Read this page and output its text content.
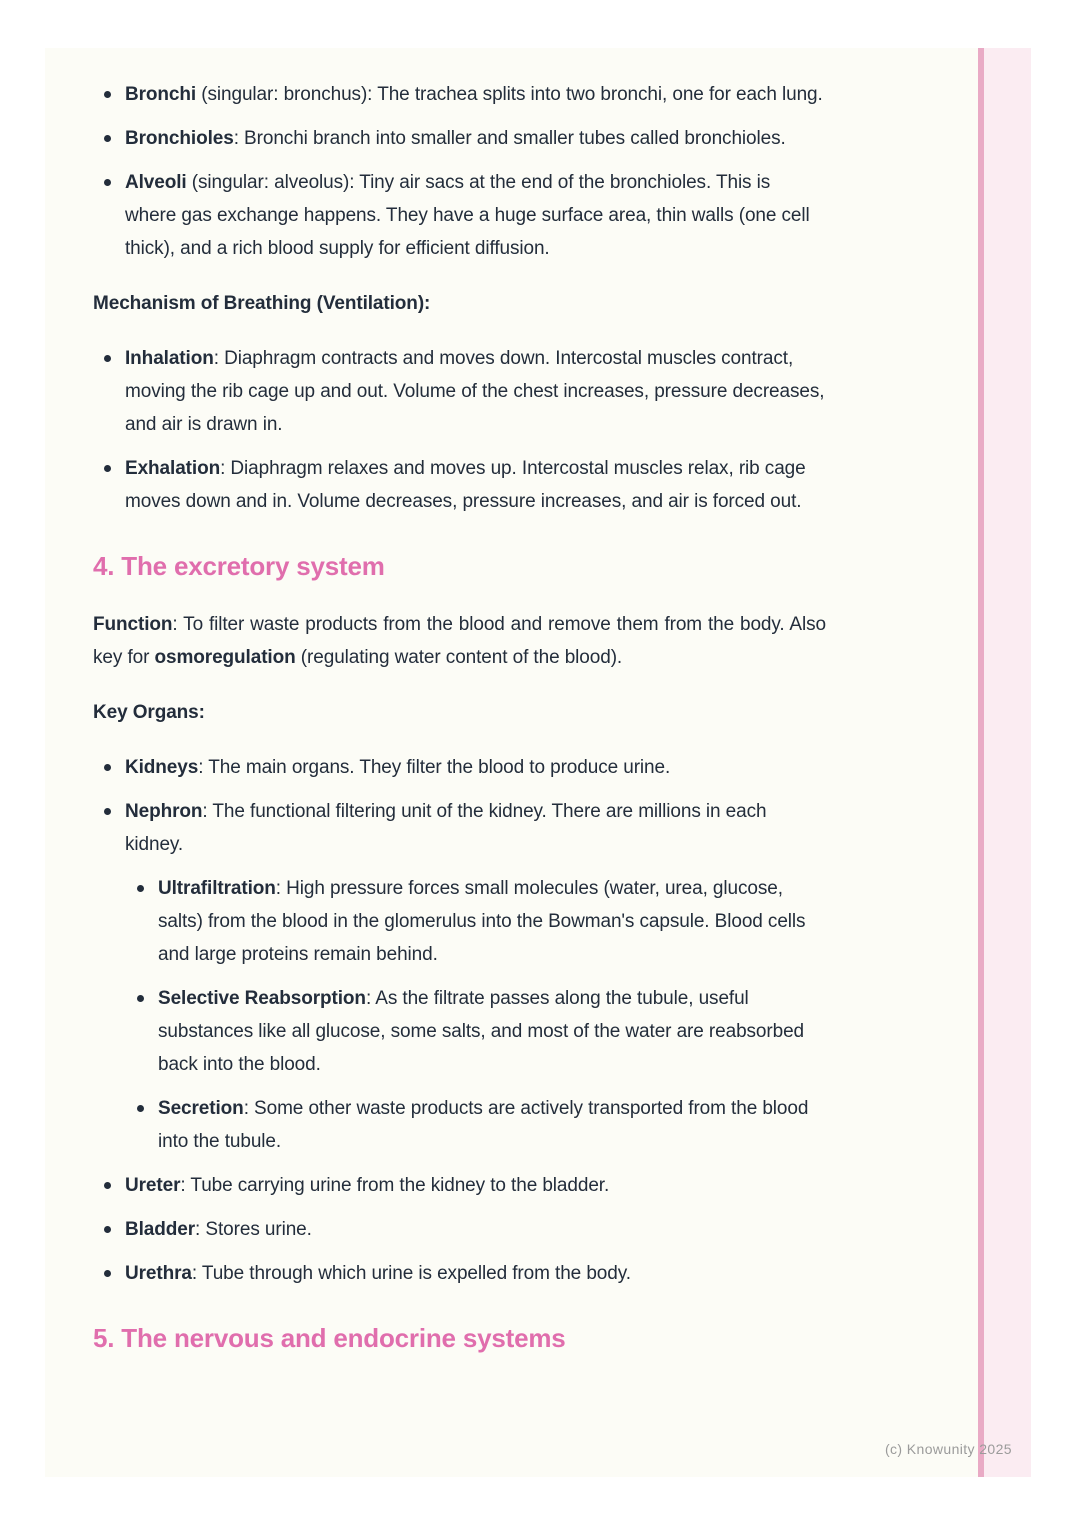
Bronchi (singular: bronchus): The trachea splits into two bronchi, one for each lung.
Bronchioles: Bronchi branch into smaller and smaller tubes called bronchioles.
Alveoli (singular: alveolus): Tiny air sacs at the end of the bronchioles. This is where gas exchange happens. They have a huge surface area, thin walls (one cell thick), and a rich blood supply for efficient diffusion.

Mechanism of Breathing (Ventilation):

Inhalation: Diaphragm contracts and moves down. Intercostal muscles contract, moving the rib cage up and out. Volume of the chest increases, pressure decreases, and air is drawn in.
Exhalation: Diaphragm relaxes and moves up. Intercostal muscles relax, rib cage moves down and in. Volume decreases, pressure increases, and air is forced out.
4. The excretory system

Function: To filter waste products from the blood and remove them from the body. Also key for osmoregulation (regulating water content of the blood).

Key Organs:

Kidneys: The main organs. They filter the blood to produce urine.
Nephron: The functional filtering unit of the kidney. There are millions in each kidney.
Ultrafiltration: High pressure forces small molecules (water, urea, glucose, salts) from the blood in the glomerulus into the Bowman's capsule. Blood cells and large proteins remain behind.
Selective Reabsorption: As the filtrate passes along the tubule, useful substances like all glucose, some salts, and most of the water are reabsorbed back into the blood.
Secretion: Some other waste products are actively transported from the blood into the tubule.
Ureter: Tube carrying urine from the kidney to the bladder.
Bladder: Stores urine.
Urethra: Tube through which urine is expelled from the body.
5. The nervous and endocrine systems
(c) Knowunity 2025
